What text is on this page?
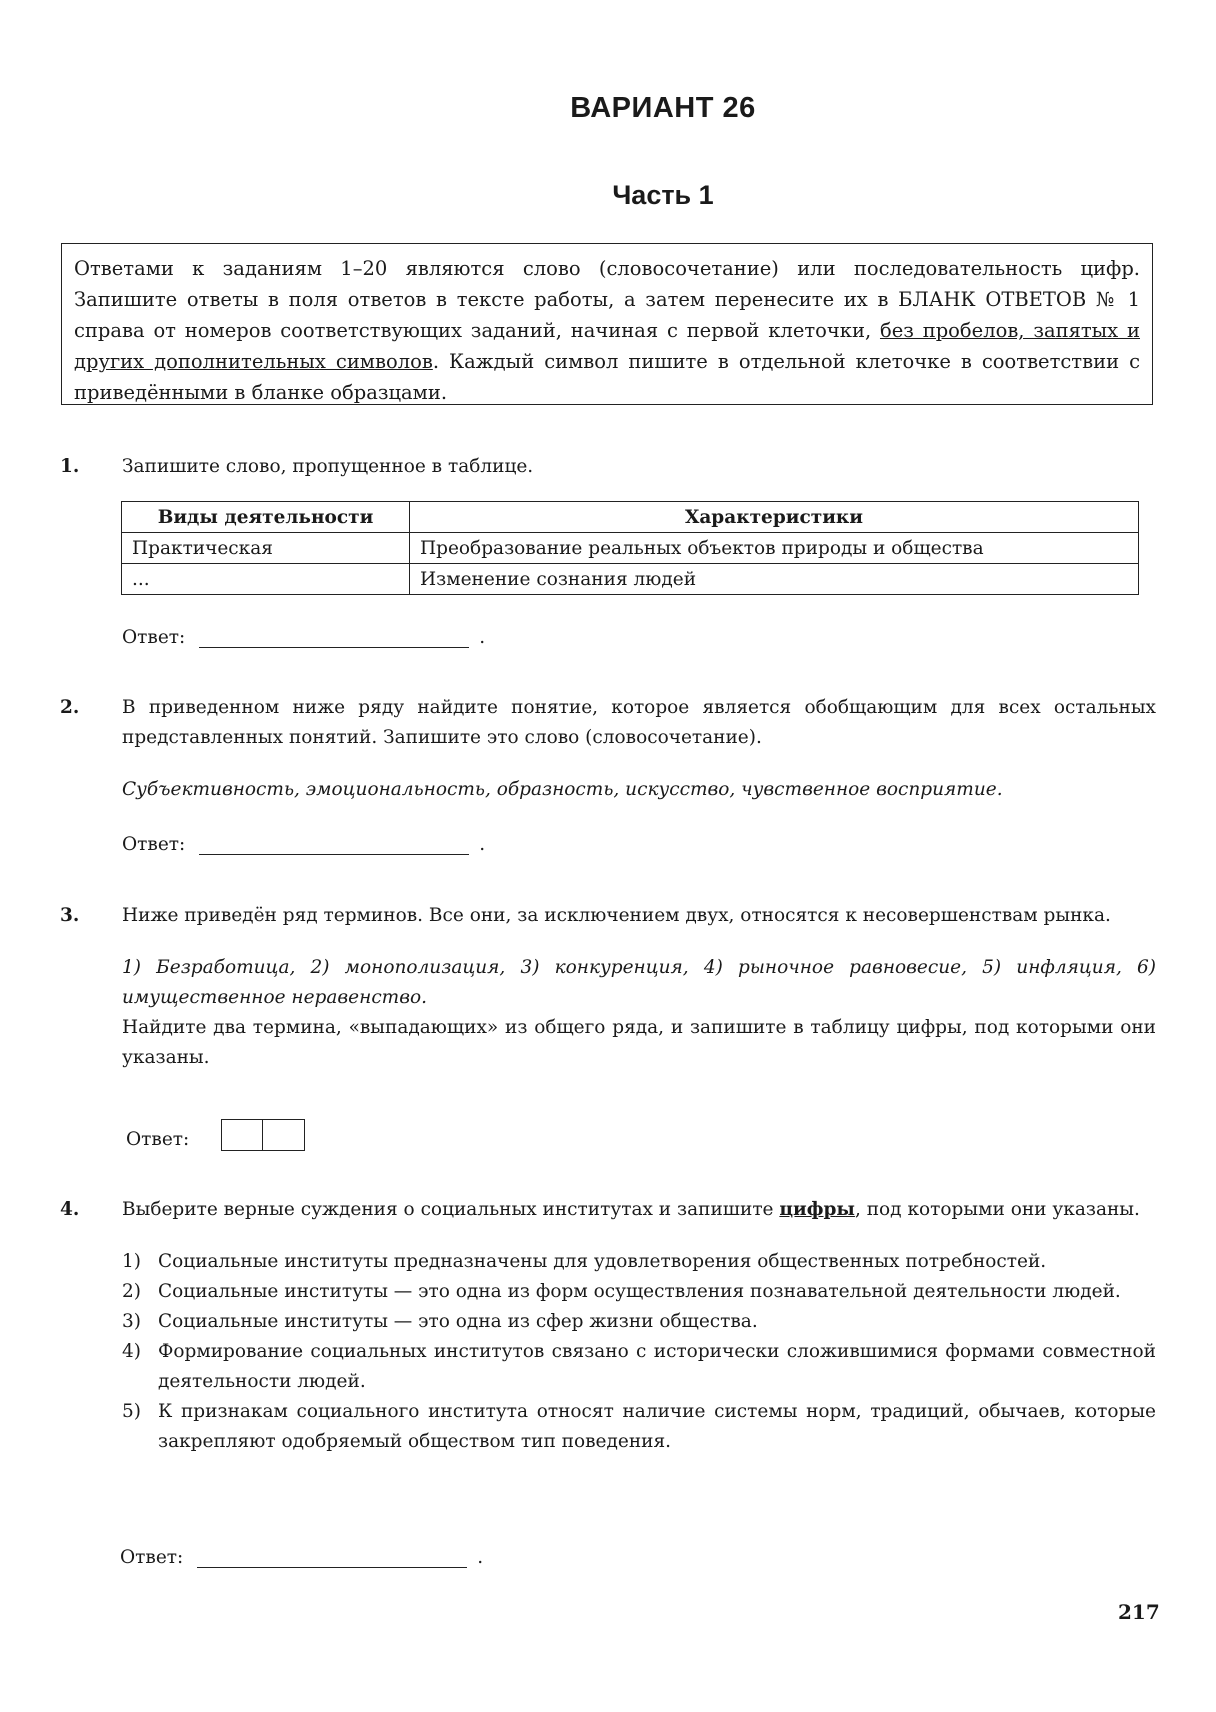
ВАРИАНТ 26
Часть 1
Ответами к заданиям 1–20 являются слово (словосочетание) или последовательность цифр. Запишите ответы в поля ответов в тексте работы, а затем перенесите их в БЛАНК ОТВЕТОВ № 1 справа от номеров соответствующих заданий, начиная с первой клеточки, без пробелов, запятых и других дополнительных символов. Каждый символ пишите в отдельной клеточке в соответствии с приведёнными в бланке образцами.
1. Запишите слово, пропущенное в таблице.
Виды деятельности	Характеристики
Практическая	Преобразование реальных объектов природы и общества
...	Изменение сознания людей
Ответ:	.
2. В приведенном ниже ряду найдите понятие, которое является обобщающим для всех остальных представленных понятий. Запишите это слово (словосочетание).
Субъективность, эмоциональность, образность, искусство, чувственное восприятие.
Ответ:	.
3. Ниже приведён ряд терминов. Все они, за исключением двух, относятся к несовершенствам рынка.
1) Безработица, 2) монополизация, 3) конкуренция, 4) рыночное равновесие, 5) инфляция, 6) имущественное неравенство.
Найдите два термина, «выпадающих» из общего ряда, и запишите в таблицу цифры, под которыми они указаны.
Ответ:
4. Выберите верные суждения о социальных институтах и запишите цифры, под которыми они указаны.
1) Социальные институты предназначены для удовлетворения общественных потребностей.
2) Социальные институты — это одна из форм осуществления познавательной деятельности людей.
3) Социальные институты — это одна из сфер жизни общества.
4) Формирование социальных институтов связано с исторически сложившимися формами совместной деятельности людей.
5) К признакам социального института относят наличие системы норм, традиций, обычаев, которые закрепляют одобряемый обществом тип поведения.
Ответ:	.
217
